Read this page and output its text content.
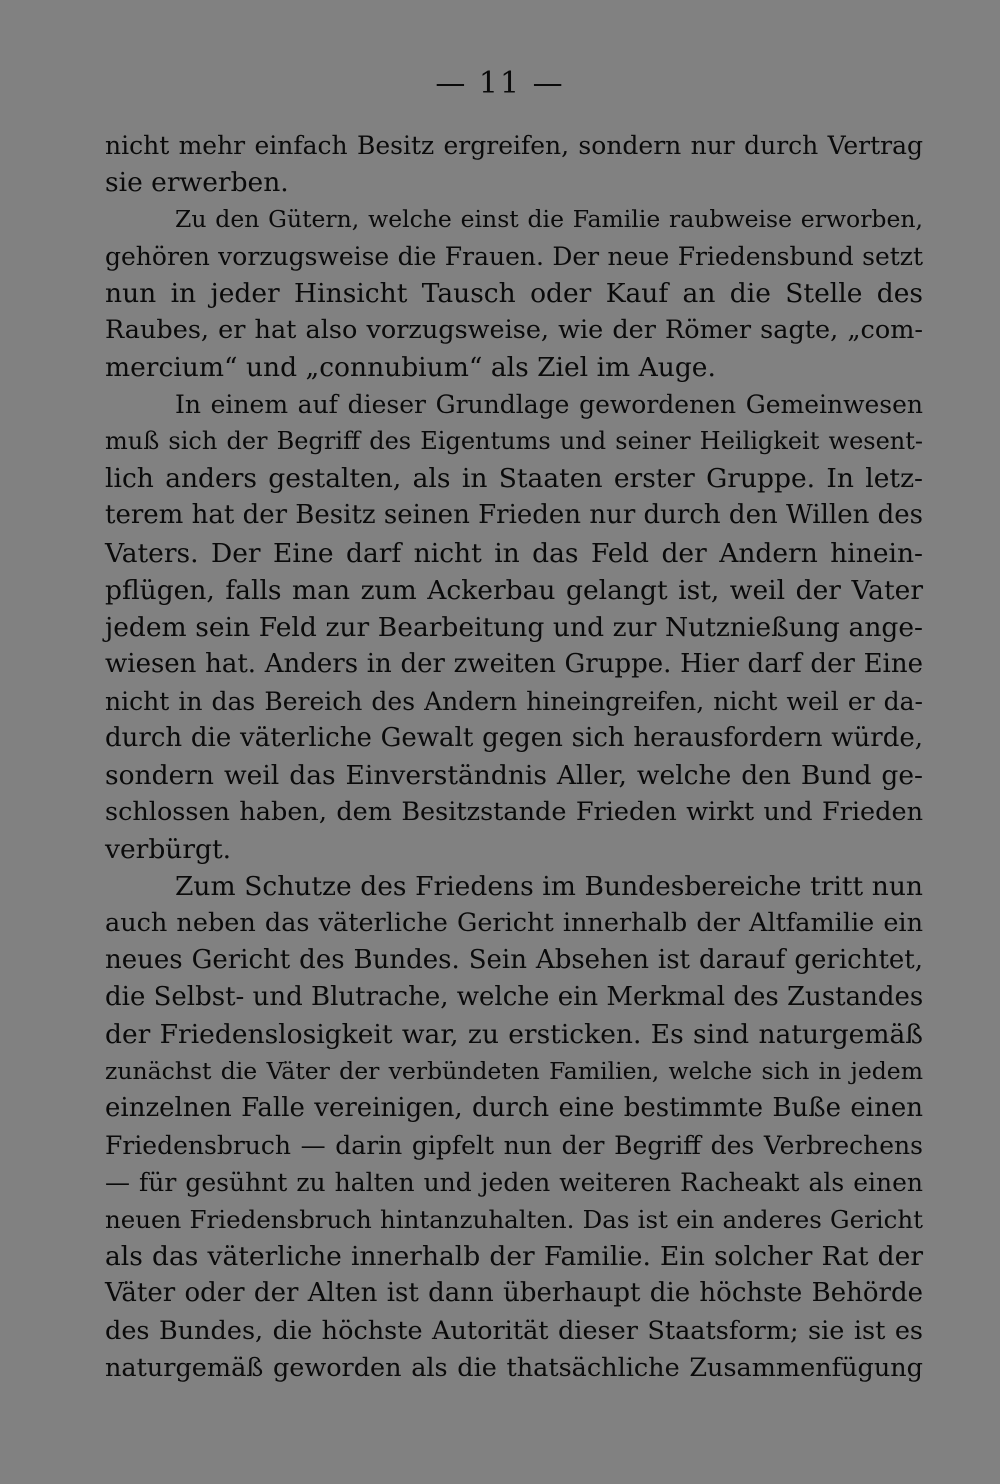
— 11 —
nicht mehr einfach Besitz ergreifen, sondern nur durch Vertrag
sie erwerben.
Zu den Gütern, welche einst die Familie raubweise erworben,
gehören vorzugsweise die Frauen. Der neue Friedensbund setzt
nun in jeder Hinsicht Tausch oder Kauf an die Stelle des
Raubes, er hat also vorzugsweise, wie der Römer sagte, „com-
mercium“ und „connubium“ als Ziel im Auge.
In einem auf dieser Grundlage gewordenen Gemeinwesen
muß sich der Begriff des Eigentums und seiner Heiligkeit wesent-
lich anders gestalten, als in Staaten erster Gruppe. In letz-
terem hat der Besitz seinen Frieden nur durch den Willen des
Vaters. Der Eine darf nicht in das Feld der Andern hinein-
pflügen, falls man zum Ackerbau gelangt ist, weil der Vater
jedem sein Feld zur Bearbeitung und zur Nutznießung ange-
wiesen hat. Anders in der zweiten Gruppe. Hier darf der Eine
nicht in das Bereich des Andern hineingreifen, nicht weil er da-
durch die väterliche Gewalt gegen sich herausfordern würde,
sondern weil das Einverständnis Aller, welche den Bund ge-
schlossen haben, dem Besitzstande Frieden wirkt und Frieden
verbürgt.
Zum Schutze des Friedens im Bundesbereiche tritt nun
auch neben das väterliche Gericht innerhalb der Altfamilie ein
neues Gericht des Bundes. Sein Absehen ist darauf gerichtet,
die Selbst- und Blutrache, welche ein Merkmal des Zustandes
der Friedenslosigkeit war, zu ersticken. Es sind naturgemäß
zunächst die Väter der verbündeten Familien, welche sich in jedem
einzelnen Falle vereinigen, durch eine bestimmte Buße einen
Friedensbruch — darin gipfelt nun der Begriff des Verbrechens
— für gesühnt zu halten und jeden weiteren Racheakt als einen
neuen Friedensbruch hintanzuhalten. Das ist ein anderes Gericht
als das väterliche innerhalb der Familie. Ein solcher Rat der
Väter oder der Alten ist dann überhaupt die höchste Behörde
des Bundes, die höchste Autorität dieser Staatsform; sie ist es
naturgemäß geworden als die thatsächliche Zusammenfügung
